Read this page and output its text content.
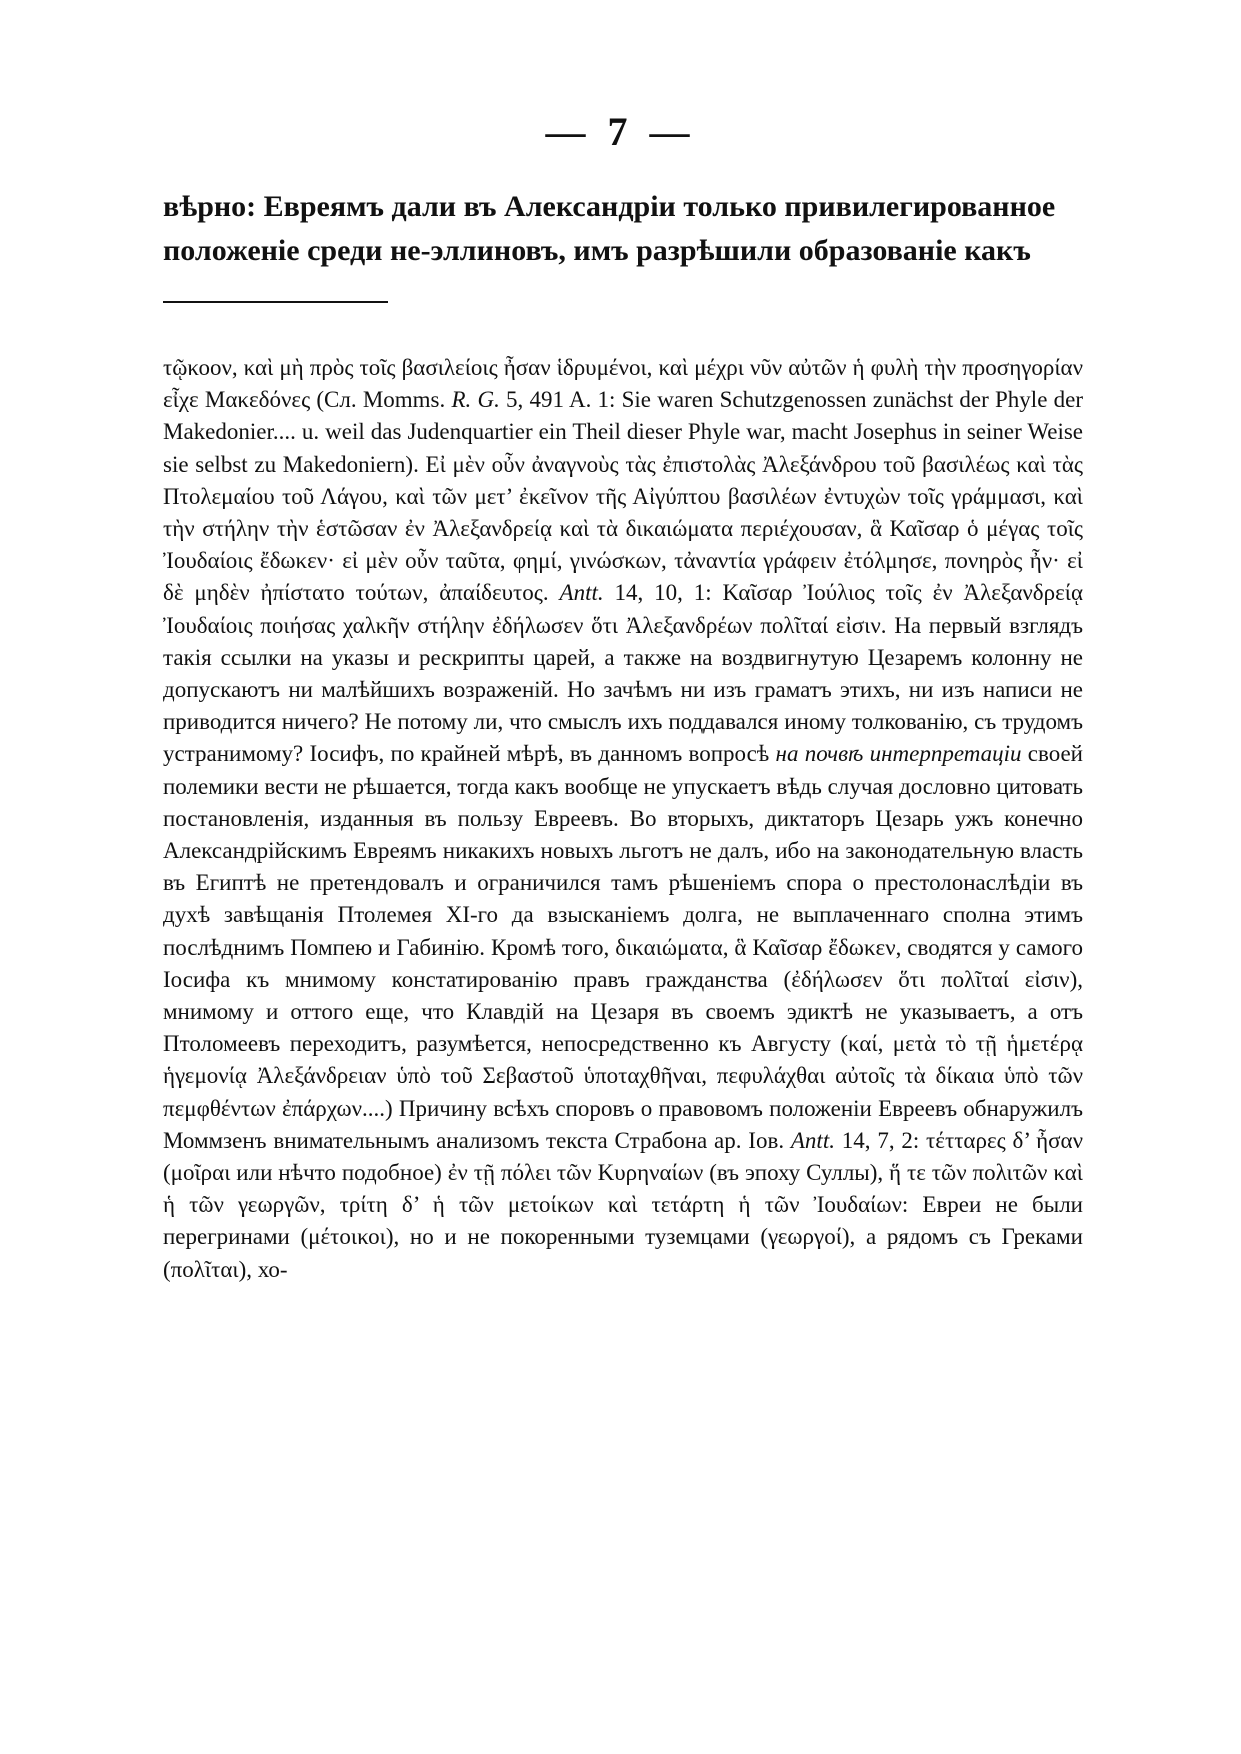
— 7 —
вѣрно: Евреямъ дали въ Александріи только привилегированное
положеніе среди не-эллиновъ, имъ разрѣшили образованіе какъ

τῷκοον, καὶ μὴ πρὸς τοῖς βασιλείοις ἦσαν ἱδρυμένοι, καὶ μέχρι νῦν αὐτῶν ἡ φυλὴ τὴν προσηγορίαν εἶχε Μακεδόνες (Сл. Momms. R. G. 5, 491 A. 1: Sie waren Schutzgenossen zunächst der Phyle der Makedonier.... u. weil das Judenquartier ein Theil dieser Phyle war, macht Josephus in seiner Weise sie selbst zu Makedoniern). Εἰ μὲν οὖν ἀναγνοὺς τὰς ἐπιστολὰς Ἀλεξάνδρου τοῦ βασιλέως καὶ τὰς Πτολεμαίου τοῦ Λάγου, καὶ τῶν μετ’ ἐκεῖνον τῆς Αἰγύπτου βασιλέων ἐντυχὼν τοῖς γράμμασι, καὶ τὴν στήλην τὴν ἑστῶσαν ἐν Ἀλεξανδρείᾳ καὶ τὰ δικαιώματα περιέχουσαν, ἃ Καῖσαρ ὁ μέγας τοῖς Ἰουδαίοις ἔδωκεν· εἰ μὲν οὖν ταῦτα, φημί, γινώσκων, τἀναντία γράφειν ἐτόλμησε, πονηρὸς ἦν· εἰ δὲ μηδὲν ἠπίστατο τούτων, ἀπαίδευτος. Antt. 14, 10, 1: Καῖσαρ Ἰούλιος τοῖς ἐν Ἀλεξανδρείᾳ Ἰουδαίοις ποιήσας χαλκῆν στήλην ἐδήλωσεν ὅτι Ἀλεξανδρέων πολῖταί εἰσιν. На первый взглядъ такія ссылки на указы и рескрипты царей, а также на воздвигнутую Цезаремъ колонну не допускаютъ ни малѣйшихъ возраженій. Но зачѣмъ ни изъ граматъ этихъ, ни изъ написи не приводится ничего? Не потому ли, что смыслъ ихъ поддавался иному толкованію, съ трудомъ устранимому? Іосифъ, по крайней мѣрѣ, въ данномъ вопросѣ на почвѣ интерпретаціи своей полемики вести не рѣшается, тогда какъ вообще не упускаетъ вѣдь случая дословно цитовать постановленія, изданныя въ пользу Евреевъ. Во вторыхъ, диктаторъ Цезарь ужъ конечно Александрійскимъ Евреямъ никакихъ новыхъ льготъ не далъ, ибо на законодательную власть въ Египтѣ не претендовалъ и ограничился тамъ рѣшеніемъ спора о престолонаслѣдіи въ духѣ завѣщанія Птолемея XI-го да взысканіемъ долга, не выплаченнаго сполна этимъ послѣднимъ Помпею и Габинію. Кромѣ того, δικαιώματα, ἃ Καῖσαρ ἔδωκεν, сводятся у самого Іосифа къ мнимому констатированію правъ гражданства (ἐδήλωσεν ὅτι πολῖταί εἰσιν), мнимому и оттого еще, что Клавдій на Цезаря въ своемъ эдиктѣ не указываетъ, а отъ Птоломеевъ переходитъ, разумѣется, непосредственно къ Августу (καί, μετὰ τὸ τῇ ἡμετέρᾳ ἡγεμονίᾳ Ἀλεξάνδρειαν ὑπὸ τοῦ Σεβαστοῦ ὑποταχθῆναι, πεφυλάχθαι αὐτοῖς τὰ δίκαια ὑπὸ τῶν πεμφθέντων ἐπάρχων....) Причину всѣхъ споровъ о правовомъ положеніи Евреевъ обнаружилъ Моммзенъ внимательнымъ анализомъ текста Страбона ap. Іов. Antt. 14, 7, 2: τέτταρες δ’ ἦσαν (μοῖραι или нѣчто подобное) ἐν τῇ πόλει τῶν Κυρηναίων (въ эпоху Суллы), ἥ τε τῶν πολιτῶν καὶ ἡ τῶν γεωργῶν, τρίτη δ’ ἡ τῶν μετοίκων καὶ τετάρτη ἡ τῶν Ἰουδαίων: Евреи не были перегринами (μέτοικοι), но и не покоренными туземцами (γεωργοί), а рядомъ съ Греками (πολῖται), хо-
